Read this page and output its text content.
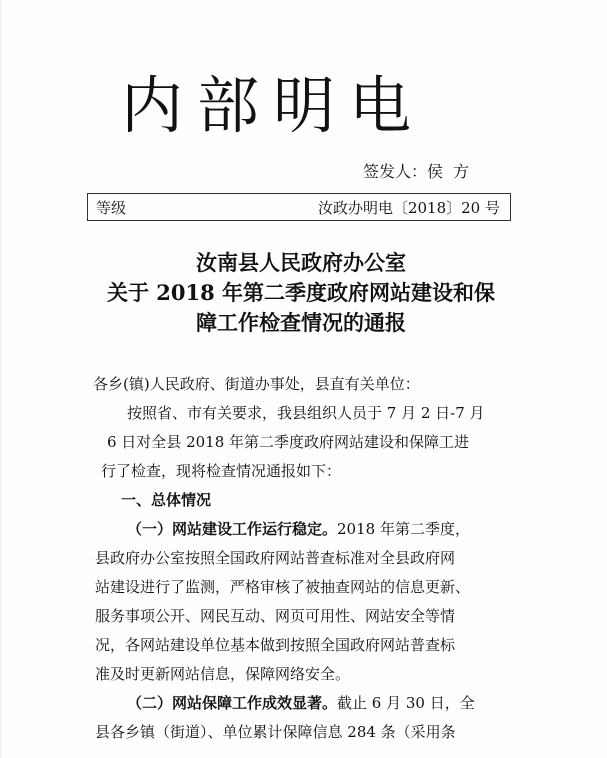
内部明电
签发人：侯方
等级	汝政办明电〔2018〕20 号
汝南县人民政府办公室
关于 2018 年第二季度政府网站建设和保
障工作检查情况的通报
各乡(镇)人民政府、街道办事处，县直有关单位：
按照省、市有关要求，我县组织人员于 7 月 2 日-7 月
6 日对全县 2018 年第二季度政府网站建设和保障工进
行了检查，现将检查情况通报如下：
一、总体情况
（一）网站建设工作运行稳定。2018 年第二季度，
县政府办公室按照全国政府网站普查标准对全县政府网
站建设进行了监测，严格审核了被抽查网站的信息更新、
服务事项公开、网民互动、网页可用性、网站安全等情
况，各网站建设单位基本做到按照全国政府网站普查标
准及时更新网站信息，保障网络安全。
（二）网站保障工作成效显著。截止 6 月 30 日，全
县各乡镇（街道）、单位累计保障信息 284 条（采用条
